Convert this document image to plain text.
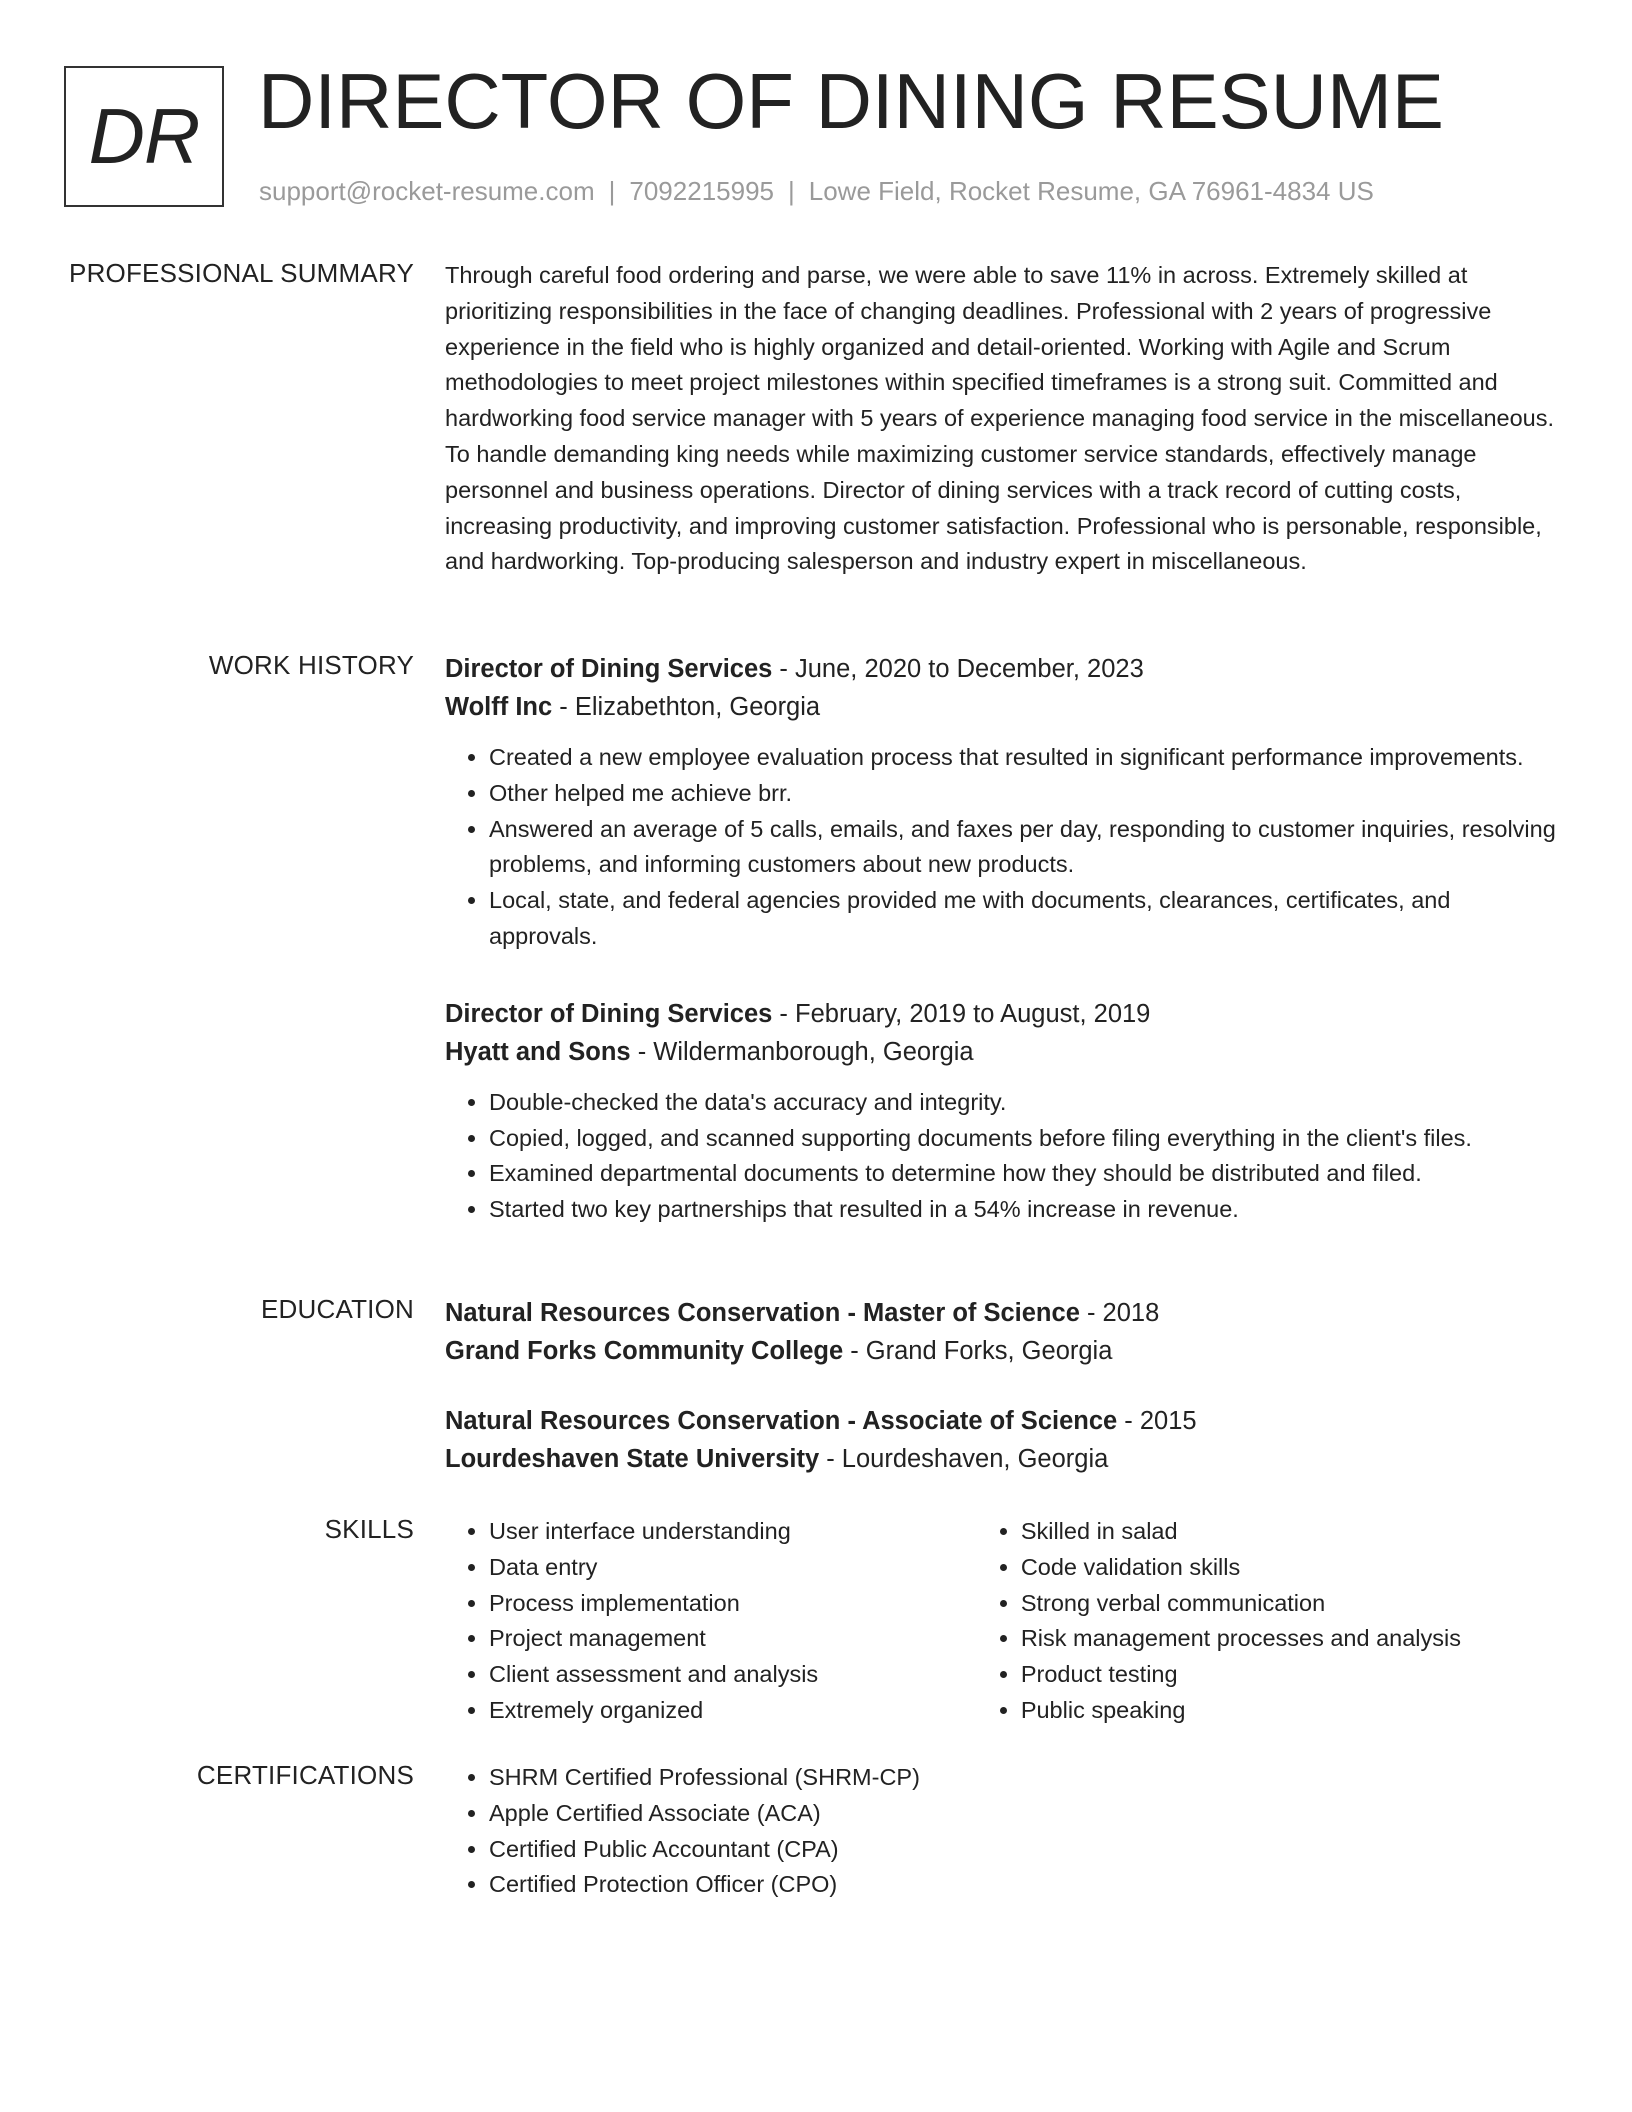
DR DIRECTOR OF DINING RESUME
support@rocket-resume.com | 7092215995 | Lowe Field, Rocket Resume, GA 76961-4834 US
PROFESSIONAL SUMMARY Through careful food ordering and parse, we were able to save 11% in across. Extremely skilled at prioritizing responsibilities in the face of changing deadlines. Professional with 2 years of progressive experience in the field who is highly organized and detail-oriented. Working with Agile and Scrum methodologies to meet project milestones within specified timeframes is a strong suit. Committed and hardworking food service manager with 5 years of experience managing food service in the miscellaneous. To handle demanding king needs while maximizing customer service standards, effectively manage personnel and business operations. Director of dining services with a track record of cutting costs, increasing productivity, and improving customer satisfaction. Professional who is personable, responsible, and hardworking. Top-producing salesperson and industry expert in miscellaneous.

WORK HISTORY Director of Dining Services - June, 2020 to December, 2023
Wolff Inc - Elizabethton, Georgia
• Created a new employee evaluation process that resulted in significant performance improvements.
• Other helped me achieve brr.
• Answered an average of 5 calls, emails, and faxes per day, responding to customer inquiries, resolving problems, and informing customers about new products.
• Local, state, and federal agencies provided me with documents, clearances, certificates, and approvals.
Director of Dining Services - February, 2019 to August, 2019
Hyatt and Sons - Wildermanborough, Georgia
• Double-checked the data's accuracy and integrity.
• Copied, logged, and scanned supporting documents before filing everything in the client's files.
• Examined departmental documents to determine how they should be distributed and filed.
• Started two key partnerships that resulted in a 54% increase in revenue.
EDUCATION Natural Resources Conservation - Master of Science - 2018
Grand Forks Community College - Grand Forks, Georgia
Natural Resources Conservation - Associate of Science - 2015
Lourdeshaven State University - Lourdeshaven, Georgia
SKILLS	• User interface understanding
• Data entry
• Process implementation
• Project management
• Client assessment and analysis
• Extremely organized
• Skilled in salad
• Code validation skills
• Strong verbal communication
• Risk management processes and analysis
• Product testing
• Public speaking
CERTIFICATIONS	• SHRM Certified Professional (SHRM-CP)
• Apple Certified Associate (ACA)
• Certified Public Accountant (CPA)
• Certified Protection Officer (CPO)
